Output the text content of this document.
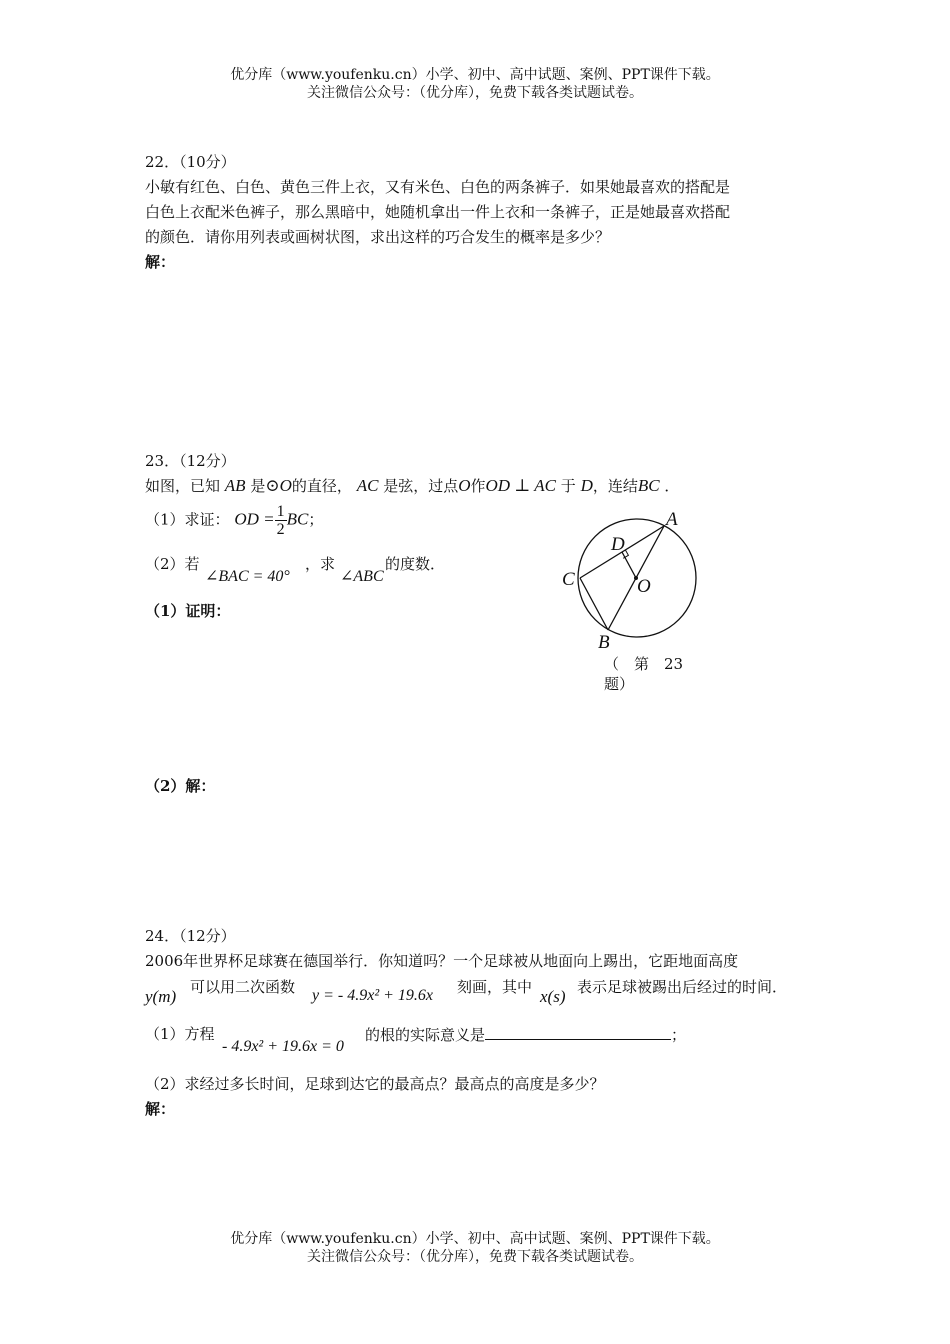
优分库（www.youfenku.cn）小学、初中、高中试题、案例、PPT课件下载。
关注微信公众号：（优分库），免费下载各类试题试卷。
22．（10分）
小敏有红色、白色、黄色三件上衣，又有米色、白色的两条裤子．如果她最喜欢的搭配是
白色上衣配米色裤子，那么黑暗中，她随机拿出一件上衣和一条裤子，正是她最喜欢搭配
的颜色．请你用列表或画树状图，求出这样的巧合发生的概率是多少？
解：
23．（12分）
如图，已知 AB 是⊙O的直径， AC 是弦，过点O作OD ⊥ AC 于 D，连结BC ．
（1）求证： OD = $\frac{1}{2}$ BC；
（2）若
∠BAC = 40°
，求
∠ABC
的度数．
（1）证明：
（2）解：
A
B
C
D
O
（　第　23
题）
24．（12分）
2006年世界杯足球赛在德国举行．你知道吗？一个足球被从地面向上踢出，它距地面高度
y(m) 可以用二次函数 y = - 4.9x² + 19.6x 刻画，其中 x(s) 表示足球被踢出后经过的时间．
（1）方程
- 4.9x² + 19.6x = 0
的根的实际意义是	；
（2）求经过多长时间，足球到达它的最高点？最高点的高度是多少？
解：
优分库（www.youfenku.cn）小学、初中、高中试题、案例、PPT课件下载。
关注微信公众号：（优分库），免费下载各类试题试卷。
